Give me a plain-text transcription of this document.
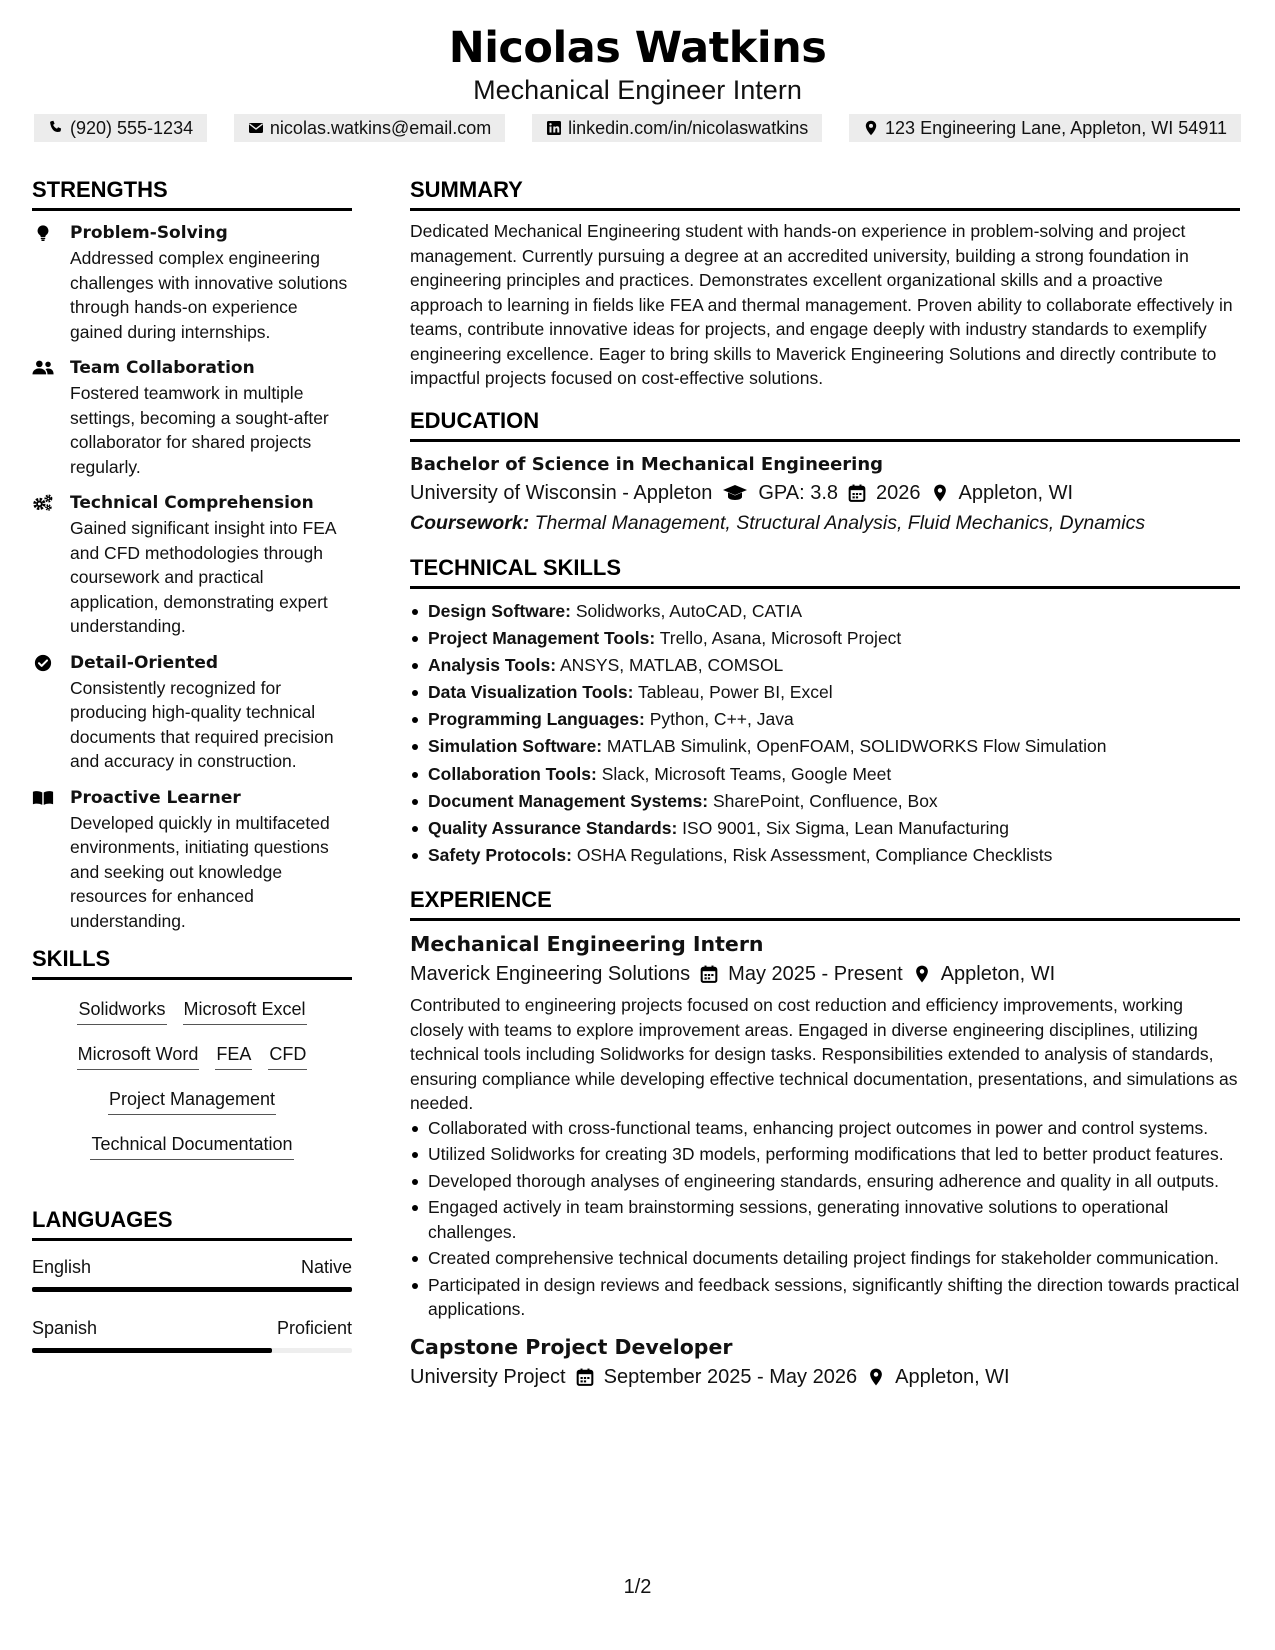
Nicolas Watkins
Mechanical Engineer Intern
(920) 555-1234	nicolas.watkins@email.com	linkedin.com/in/nicolaswatkins	123 Engineering Lane, Appleton, WI 54911
STRENGTHS
Problem-Solving
Addressed complex engineering challenges with innovative solutions through hands-on experience gained during internships.
Team Collaboration
Fostered teamwork in multiple settings, becoming a sought-after collaborator for shared projects regularly.
Technical Comprehension
Gained significant insight into FEA and CFD methodologies through coursework and practical application, demonstrating expert understanding.
Detail-Oriented
Consistently recognized for producing high-quality technical documents that required precision and accuracy in construction.
Proactive Learner
Developed quickly in multifaceted environments, initiating questions and seeking out knowledge resources for enhanced understanding.
SKILLS
Solidworks Microsoft Excel
Microsoft Word FEA CFD
Project Management
Technical Documentation
LANGUAGES
English	Native
Spanish	Proficient
SUMMARY
Dedicated Mechanical Engineering student with hands-on experience in problem-solving and project management. Currently pursuing a degree at an accredited university, building a strong foundation in engineering principles and practices. Demonstrates excellent organizational skills and a proactive approach to learning in fields like FEA and thermal management. Proven ability to collaborate effectively in teams, contribute innovative ideas for projects, and engage deeply with industry standards to exemplify engineering excellence. Eager to bring skills to Maverick Engineering Solutions and directly contribute to impactful projects focused on cost-effective solutions.
EDUCATION
Bachelor of Science in Mechanical Engineering
University of Wisconsin - Appleton GPA: 3.8 2026 Appleton, WI
Coursework: Thermal Management, Structural Analysis, Fluid Mechanics, Dynamics
TECHNICAL SKILLS
Design Software: Solidworks, AutoCAD, CATIA
Project Management Tools: Trello, Asana, Microsoft Project
Analysis Tools: ANSYS, MATLAB, COMSOL
Data Visualization Tools: Tableau, Power BI, Excel
Programming Languages: Python, C++, Java
Simulation Software: MATLAB Simulink, OpenFOAM, SOLIDWORKS Flow Simulation
Collaboration Tools: Slack, Microsoft Teams, Google Meet
Document Management Systems: SharePoint, Confluence, Box
Quality Assurance Standards: ISO 9001, Six Sigma, Lean Manufacturing
Safety Protocols: OSHA Regulations, Risk Assessment, Compliance Checklists
EXPERIENCE
Mechanical Engineering Intern
Maverick Engineering Solutions May 2025 - Present Appleton, WI
Contributed to engineering projects focused on cost reduction and efficiency improvements, working closely with teams to explore improvement areas. Engaged in diverse engineering disciplines, utilizing technical tools including Solidworks for design tasks. Responsibilities extended to analysis of standards, ensuring compliance while developing effective technical documentation, presentations, and simulations as needed.
Collaborated with cross-functional teams, enhancing project outcomes in power and control systems.
Utilized Solidworks for creating 3D models, performing modifications that led to better product features.
Developed thorough analyses of engineering standards, ensuring adherence and quality in all outputs.
Engaged actively in team brainstorming sessions, generating innovative solutions to operational challenges.
Created comprehensive technical documents detailing project findings for stakeholder communication.
Participated in design reviews and feedback sessions, significantly shifting the direction towards practical applications.
Capstone Project Developer
University Project September 2025 - May 2026 Appleton, WI
1/2
